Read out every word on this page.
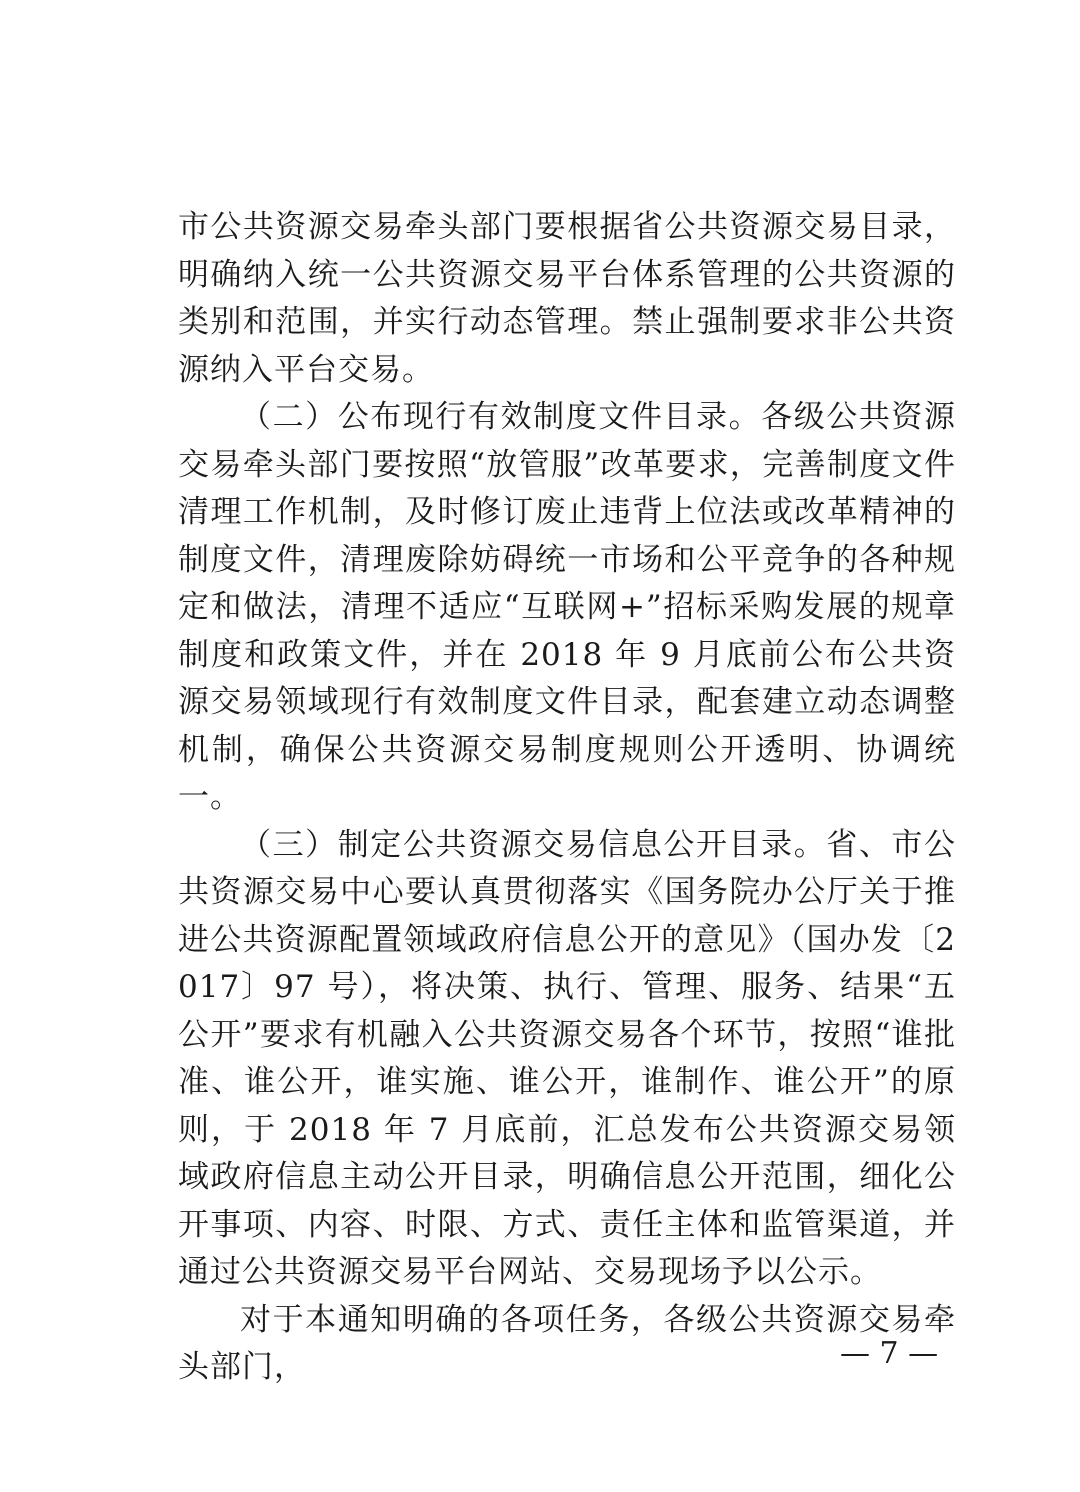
市公共资源交易牵头部门要根据省公共资源交易目录，明确纳入统一公共资源交易平台体系管理的公共资源的类别和范围，并实行动态管理。禁止强制要求非公共资源纳入平台交易。

（二）公布现行有效制度文件目录。各级公共资源交易牵头部门要按照“放管服”改革要求，完善制度文件清理工作机制，及时修订废止违背上位法或改革精神的制度文件，清理废除妨碍统一市场和公平竞争的各种规定和做法，清理不适应“互联网+”招标采购发展的规章制度和政策文件，并在 2018 年 9 月底前公布公共资源交易领域现行有效制度文件目录，配套建立动态调整机制，确保公共资源交易制度规则公开透明、协调统一。

（三）制定公共资源交易信息公开目录。省、市公共资源交易中心要认真贯彻落实《国务院办公厅关于推进公共资源配置领域政府信息公开的意见》（国办发〔2017〕97 号），将决策、执行、管理、服务、结果“五公开”要求有机融入公共资源交易各个环节，按照“谁批准、谁公开，谁实施、谁公开，谁制作、谁公开”的原则，于 2018 年 7 月底前，汇总发布公共资源交易领域政府信息主动公开目录，明确信息公开范围，细化公开事项、内容、时限、方式、责任主体和监管渠道，并通过公共资源交易平台网站、交易现场予以公示。

对于本通知明确的各项任务，各级公共资源交易牵头部门，	— 7 —
